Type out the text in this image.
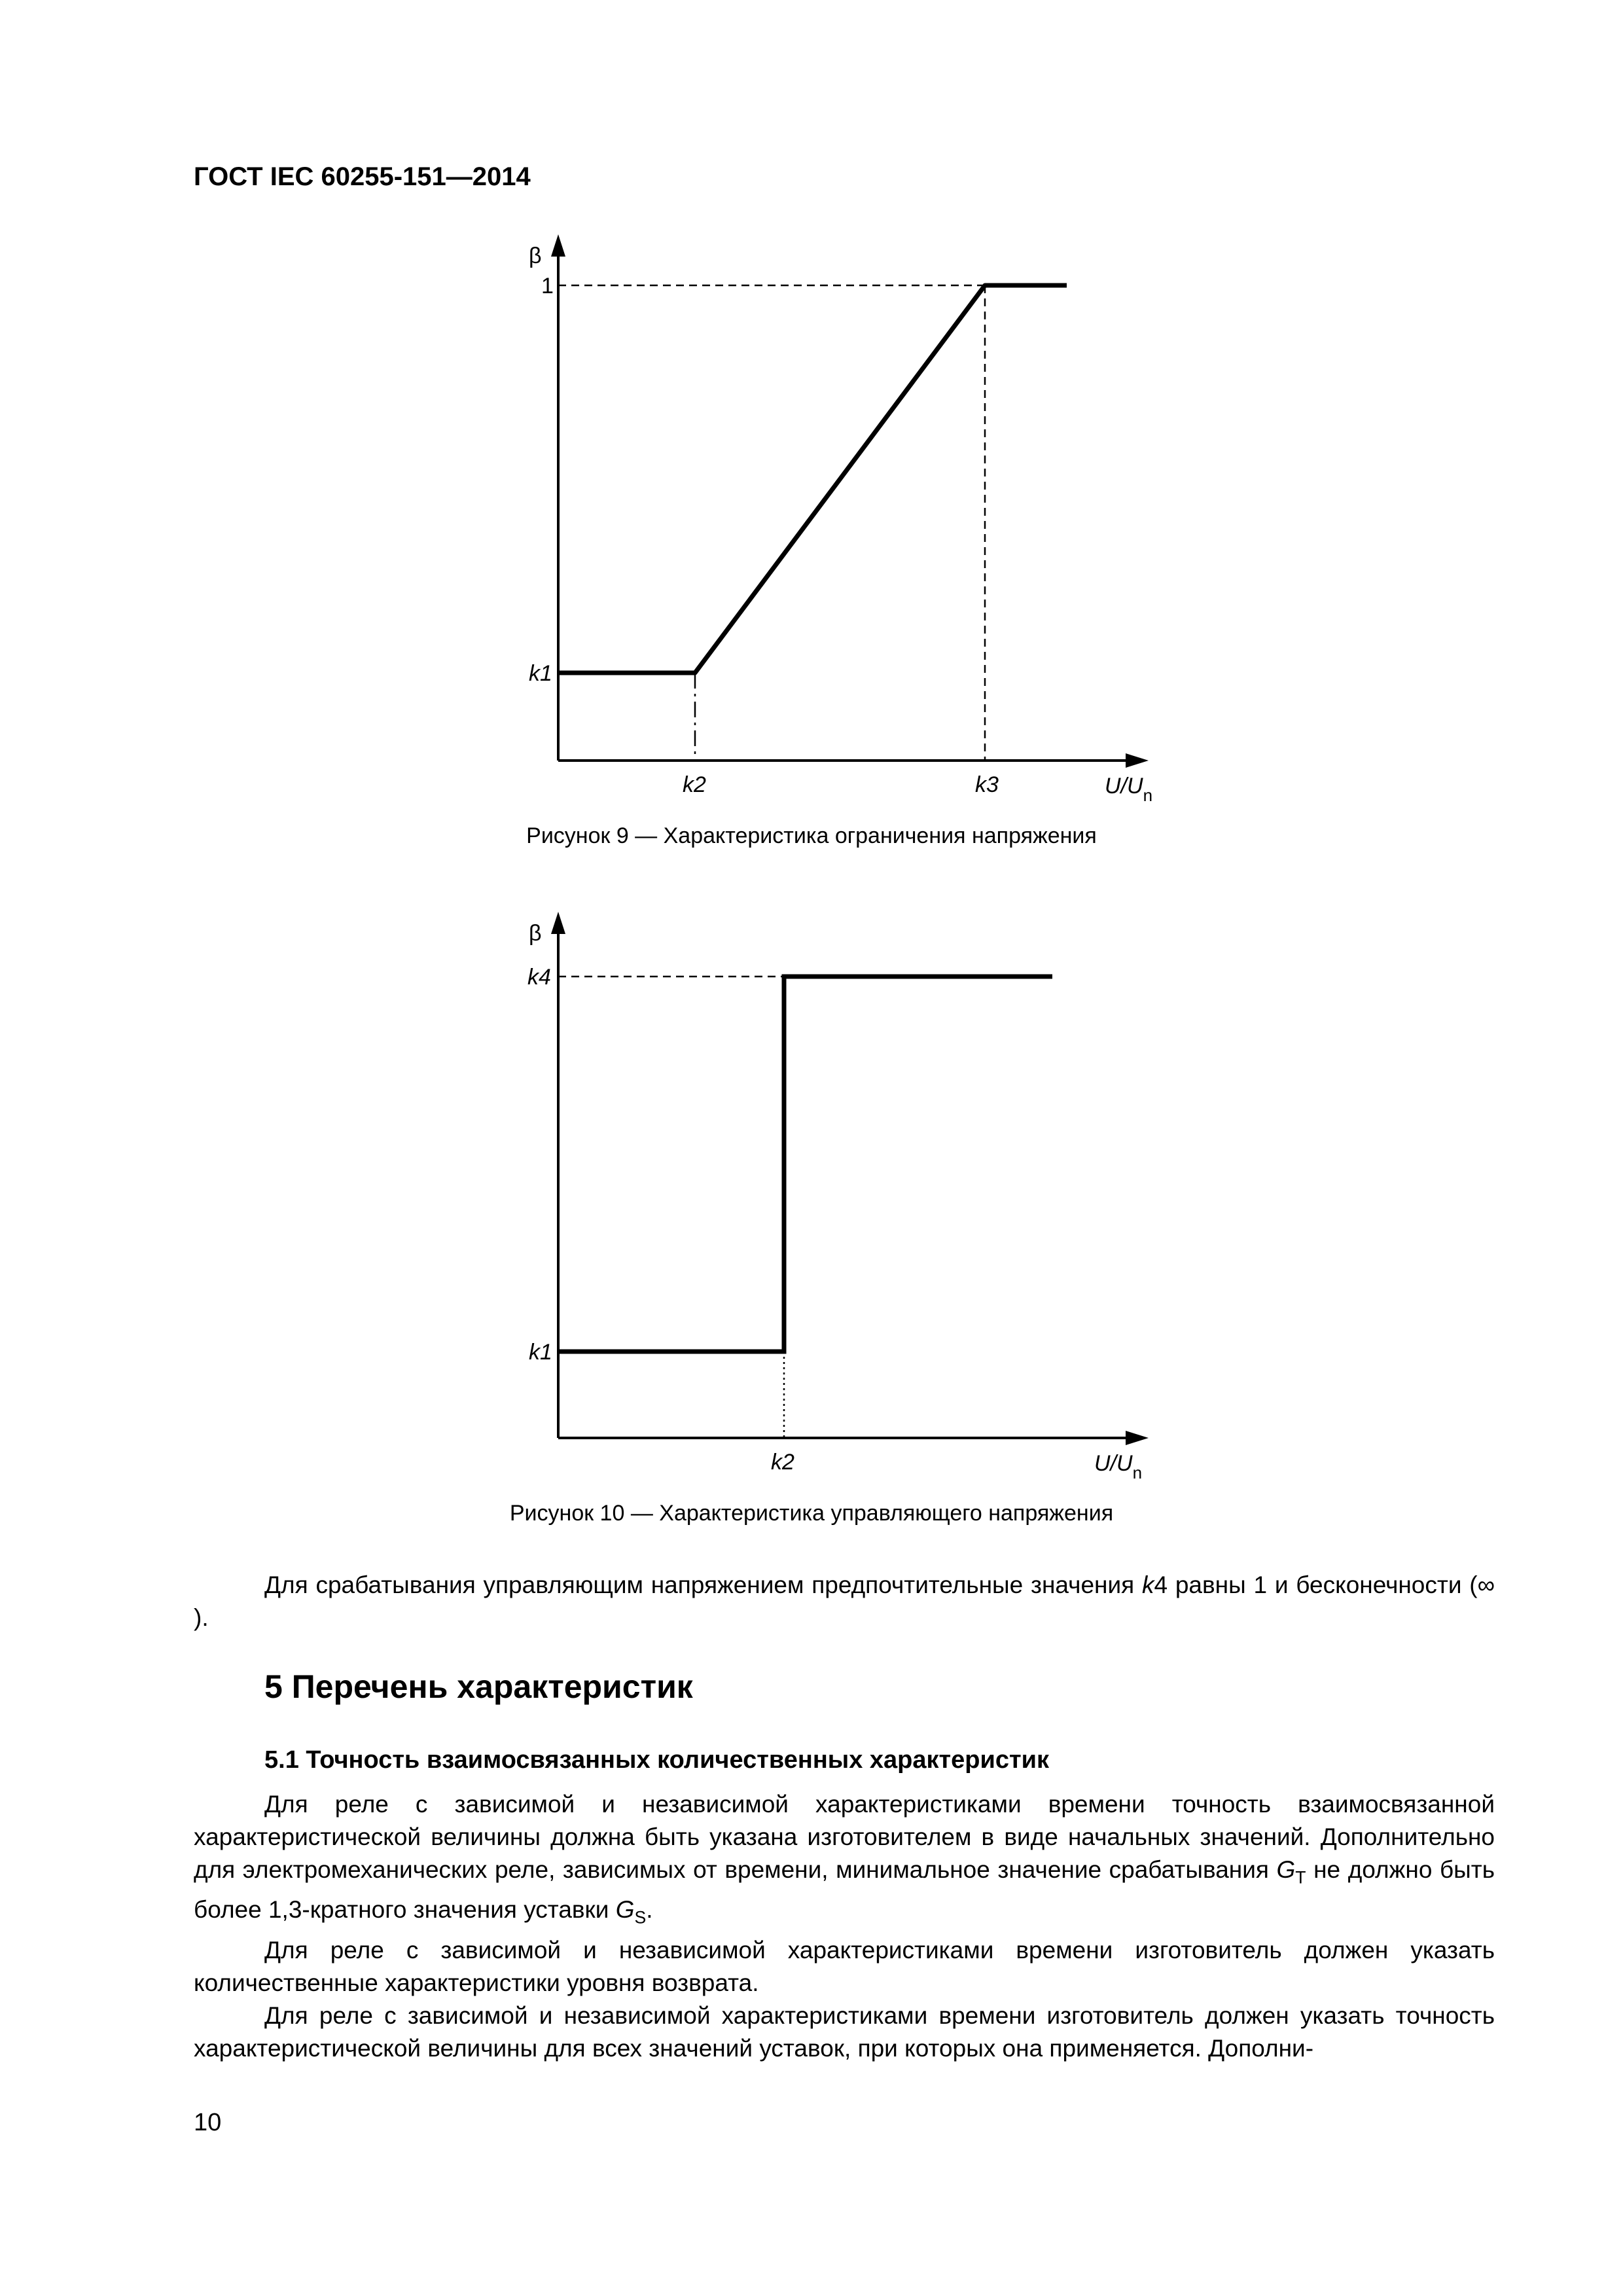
ГОСТ IEC 60255-151—2014
β
1
k1
k2	k3	$U/U_n$
Рисунок 9 — Характеристика ограничения напряжения
β
k4
k1
k2	$U/U_n$
Рисунок 10 — Характеристика управляющего напряжения

Для срабатывания управляющим напряжением предпочтительные значения k4 равны 1 и бесконечности (∞ ).

5 Перечень характеристик
5.1 Точность взаимосвязанных количественных характеристик

Для реле с зависимой и независимой характеристиками времени точность взаимосвязанной характеристической величины должна быть указана изготовителем в виде начальных значений. Дополнительно для электромеханических реле, зависимых от времени, минимальное значение срабатывания $G_T$ не должно быть более 1,3-кратного значения уставки $G_S$.

Для реле с зависимой и независимой характеристиками времени изготовитель должен указать количественные характеристики уровня возврата.

Для реле с зависимой и независимой характеристиками времени изготовитель должен указать точность характеристической величины для всех значений уставок, при которых она применяется. Дополни-

10
